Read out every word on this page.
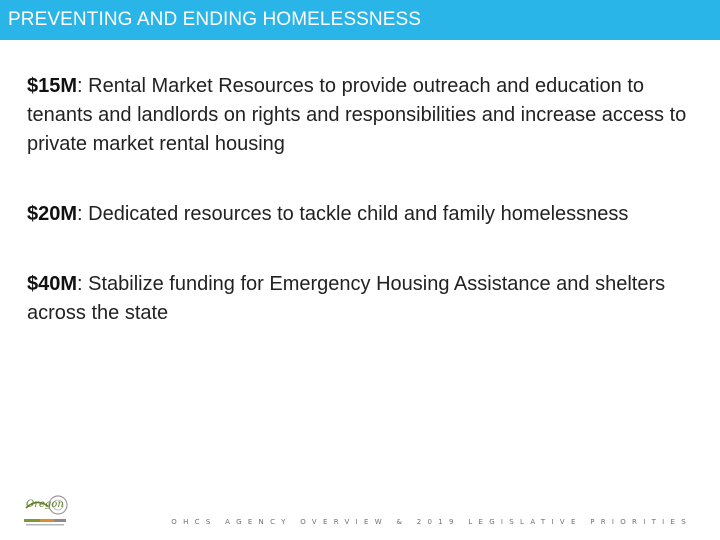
PREVENTING AND ENDING HOMELESSNESS

$15M: Rental Market Resources to provide outreach and education to tenants and landlords on rights and responsibilities and increase access to private market rental housing

$20M: Dedicated resources to tackle child and family homelessness

$40M: Stabilize funding for Emergency Housing Assistance and shelters across the state

Oregon
OHCS AGENCY OVERVIEW & 2019 LEGISLATIVE PRIORITIES
